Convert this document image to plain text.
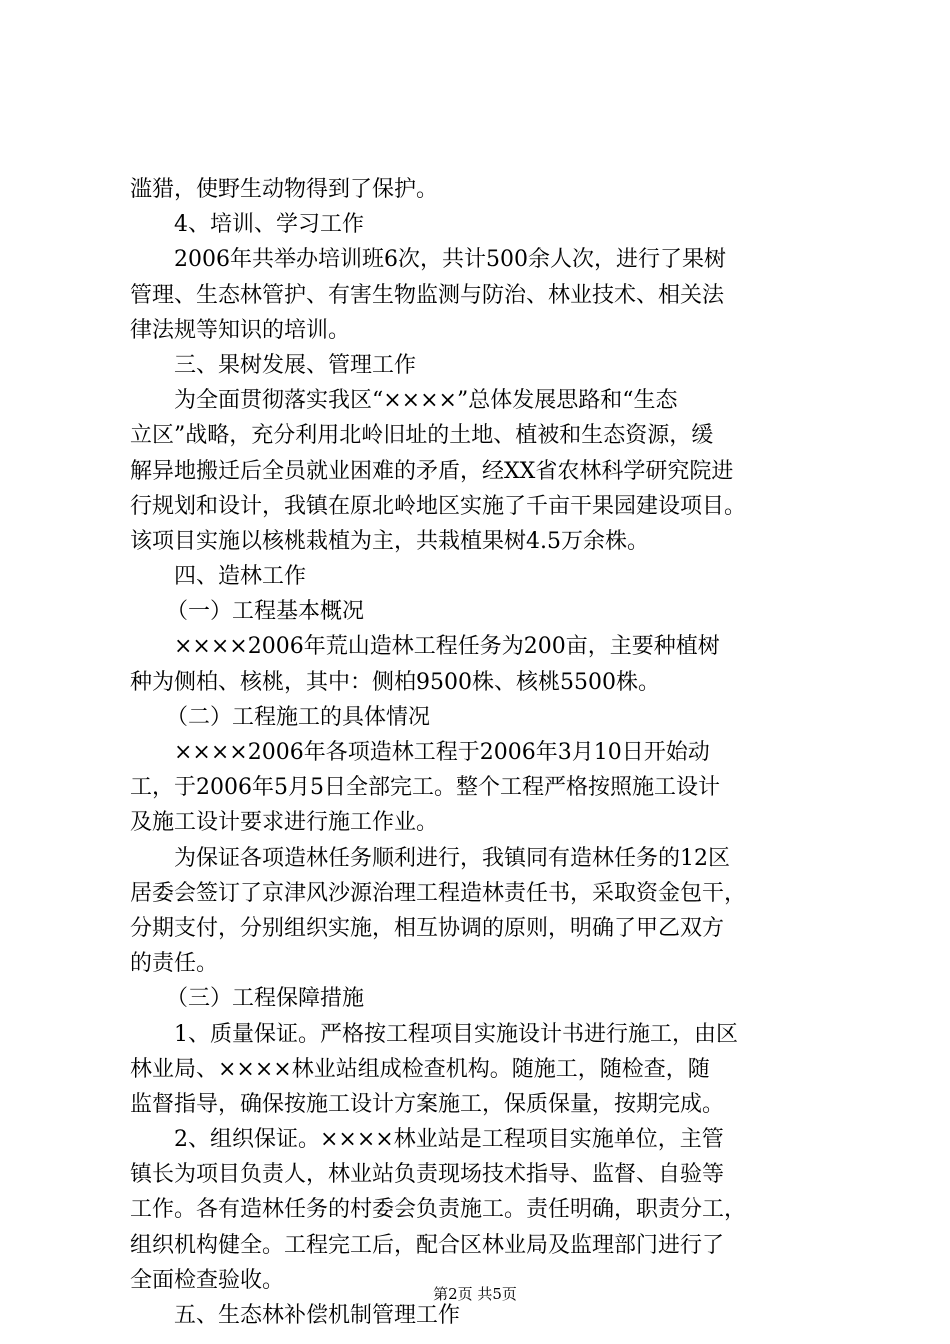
滥猎，使野生动物得到了保护。
4、培训、学习工作
2006年共举办培训班6次，共计500余人次，进行了果树
管理、生态林管护、有害生物监测与防治、林业技术、相关法
律法规等知识的培训。
三、果树发展、管理工作
为全面贯彻落实我区“××××”总体发展思路和“生态
立区”战略，充分利用北岭旧址的土地、植被和生态资源，缓
解异地搬迁后全员就业困难的矛盾，经XX省农林科学研究院进
行规划和设计，我镇在原北岭地区实施了千亩干果园建设项目。
该项目实施以核桃栽植为主，共栽植果树4.5万余株。
四、造林工作
（一）工程基本概况
××××2006年荒山造林工程任务为200亩，主要种植树
种为侧柏、核桃，其中：侧柏9500株、核桃5500株。
（二）工程施工的具体情况
××××2006年各项造林工程于2006年3月10日开始动
工，于2006年5月5日全部完工。整个工程严格按照施工设计
及施工设计要求进行施工作业。
为保证各项造林任务顺利进行，我镇同有造林任务的12区
居委会签订了京津风沙源治理工程造林责任书，采取资金包干，
分期支付，分别组织实施，相互协调的原则，明确了甲乙双方
的责任。
（三）工程保障措施
1、质量保证。严格按工程项目实施设计书进行施工，由区
林业局、××××林业站组成检查机构。随施工，随检查，随
监督指导，确保按施工设计方案施工，保质保量，按期完成。
2、组织保证。××××林业站是工程项目实施单位，主管
镇长为项目负责人，林业站负责现场技术指导、监督、自验等
工作。各有造林任务的村委会负责施工。责任明确，职责分工，
组织机构健全。工程完工后，配合区林业局及监理部门进行了
全面检查验收。
五、生态林补偿机制管理工作
第2页 共5页
